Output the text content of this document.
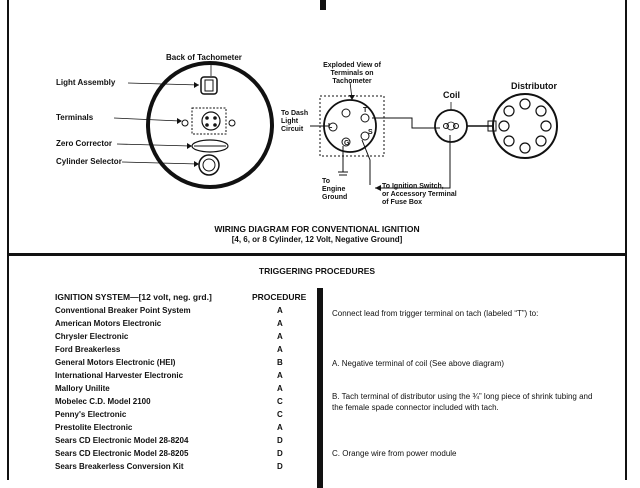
Back of Tachometer
Light Assembly
Terminals
Zero Corrector
Cylinder Selector
Exploded View of
Terminals on
Tachometer
To Dash
Light
Circuit
To
Engine
Ground
To Ignition Switch,
or Accessory Terminal
of Fuse Box
Coil
Distributor
L
T
G
S
WIRING DIAGRAM FOR CONVENTIONAL IGNITION
[4, 6, or 8 Cylinder, 12 Volt, Negative Ground]
TRIGGERING PROCEDURES
IGNITION SYSTEM—[12 volt, neg. grd.]	PROCEDURE
Conventional Breaker Point System	A
American Motors Electronic	A
Chrysler Electronic	A
Ford Breakerless	A
General Motors Electronic (HEI)	B
International Harvester Electronic	A
Mallory Unilite	A
Mobelec C.D. Model 2100	C
Penny's Electronic	C
Prestolite Electronic	A
Sears CD Electronic Model 28-8204	D
Sears CD Electronic Model 28-8205	D
Sears Breakerless Conversion Kit	D
Connect lead from trigger terminal on tach (labeled “T”) to:
A. Negative terminal of coil (See above diagram)
B. Tach terminal of distributor using the ¾” long piece of shrink tubing and the female spade connector included with tach.
C. Orange wire from power module
